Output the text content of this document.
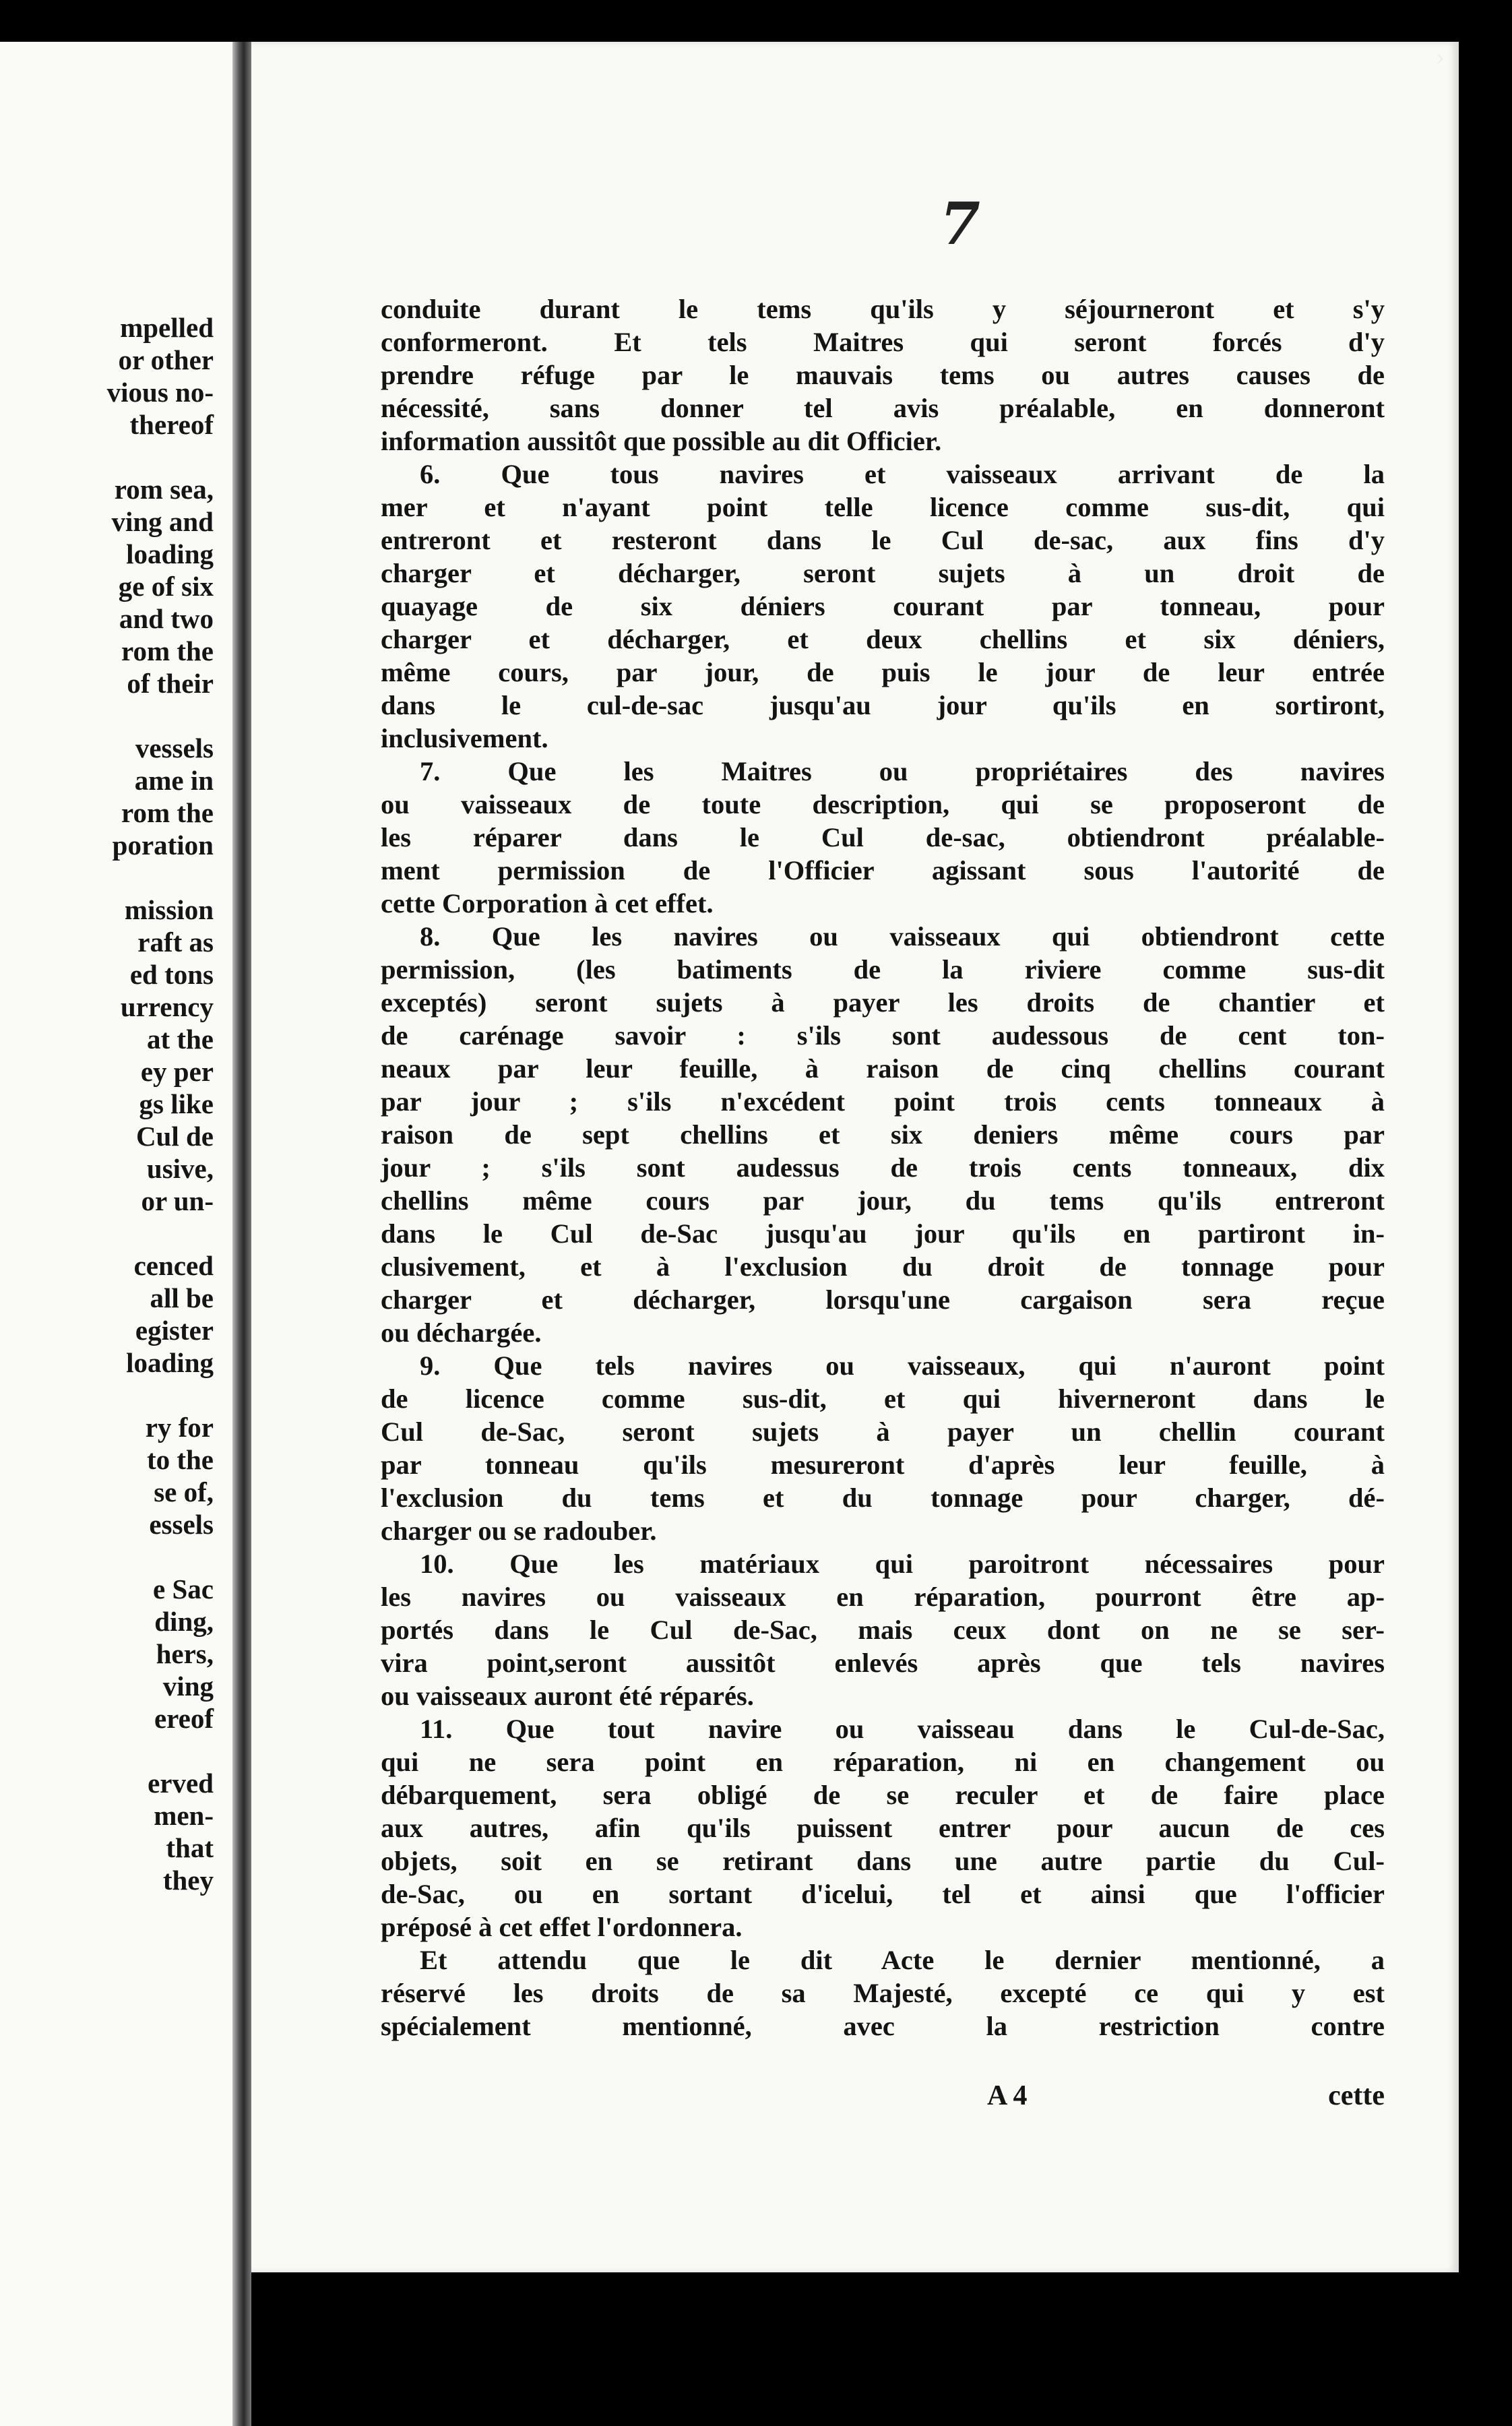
mpelled
or other
vious no-
thereof

rom sea,
ving and
loading
ge of six
and two
rom the
of their

vessels
ame in
rom the
poration

mission
raft as
ed tons
urrency
at the
ey per
gs like
Cul de
usive,
or un-

cenced
all be
egister
loading

ry for
to the
se of,
essels

e Sac
ding,
hers,
ving
ereof

erved
men-
that
they
7
conduite durant le tems qu'ils y séjourneront et s'y
conformeront. Et tels Maitres qui seront forcés d'y
prendre réfuge par le mauvais tems ou autres causes de
nécessité, sans donner tel avis préalable, en donneront
information aussitôt que possible au dit Officier.
6. Que tous navires et vaisseaux arrivant de la
mer et n'ayant point telle licence comme sus-dit, qui
entreront et resteront dans le Cul de-sac, aux fins d'y
charger et décharger, seront sujets à un droit de
quayage de six déniers courant par tonneau, pour
charger et décharger, et deux chellins et six déniers,
même cours, par jour, de puis le jour de leur entrée
dans le cul-de-sac jusqu'au jour qu'ils en sortiront,
inclusivement.
7. Que les Maitres ou propriétaires des navires
ou vaisseaux de toute description, qui se proposeront de
les réparer dans le Cul de-sac, obtiendront préalable-
ment permission de l'Officier agissant sous l'autorité de
cette Corporation à cet effet.
8. Que les navires ou vaisseaux qui obtiendront cette
permission, (les batiments de la riviere comme sus-dit
exceptés) seront sujets à payer les droits de chantier et
de carénage savoir : s'ils sont audessous de cent ton-
neaux par leur feuille, à raison de cinq chellins courant
par jour ; s'ils n'excédent point trois cents tonneaux à
raison de sept chellins et six deniers même cours par
jour ; s'ils sont audessus de trois cents tonneaux, dix
chellins même cours par jour, du tems qu'ils entreront
dans le Cul de-Sac jusqu'au jour qu'ils en partiront in-
clusivement, et à l'exclusion du droit de tonnage pour
charger et décharger, lorsqu'une cargaison sera reçue
ou déchargée.
9. Que tels navires ou vaisseaux, qui n'auront point
de licence comme sus-dit, et qui hiverneront dans le
Cul de-Sac, seront sujets à payer un chellin courant
par tonneau qu'ils mesureront d'après leur feuille, à
l'exclusion du tems et du tonnage pour charger, dé-
charger ou se radouber.
10. Que les matériaux qui paroitront nécessaires pour
les navires ou vaisseaux en réparation, pourront être ap-
portés dans le Cul de-Sac, mais ceux dont on ne se ser-
vira point,seront aussitôt enlevés après que tels navires
ou vaisseaux auront été réparés.
11. Que tout navire ou vaisseau dans le Cul-de-Sac,
qui ne sera point en réparation, ni en changement ou
débarquement, sera obligé de se reculer et de faire place
aux autres, afin qu'ils puissent entrer pour aucun de ces
objets, soit en se retirant dans une autre partie du Cul-
de-Sac, ou en sortant d'icelui, tel et ainsi que l'officier
préposé à cet effet l'ordonnera.
Et attendu que le dit Acte le dernier mentionné, a
réservé les droits de sa Majesté, excepté ce qui y est
spécialement mentionné, avec la restriction contre
A 4	cette
›
